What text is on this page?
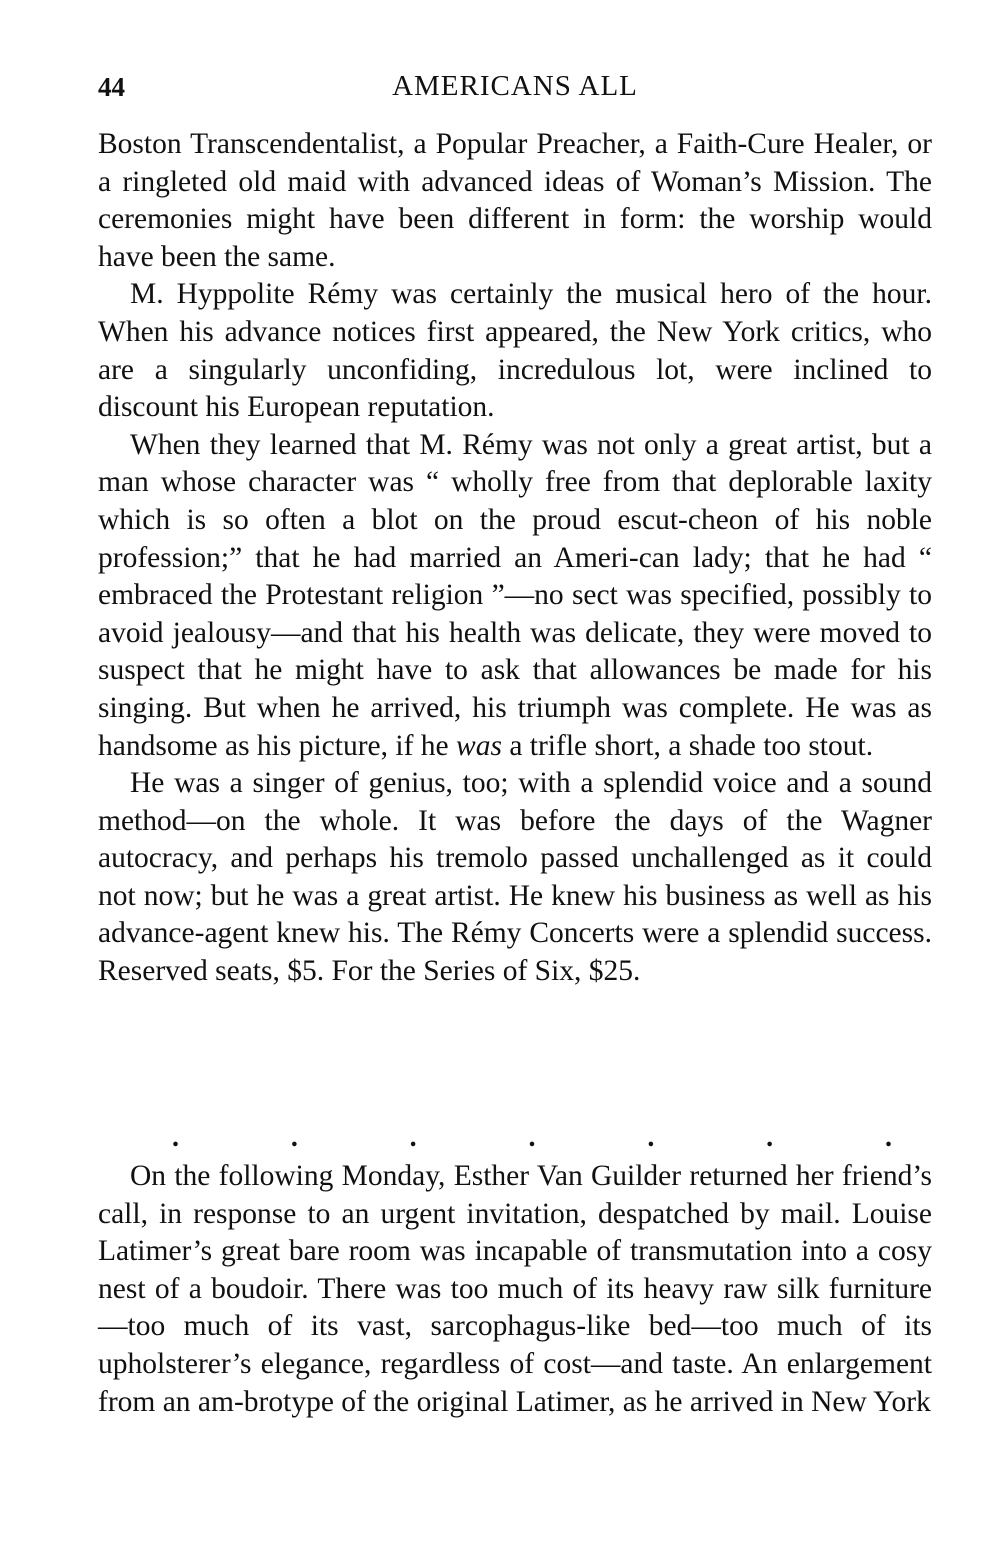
44	AMERICANS ALL

Boston Transcendentalist, a Popular Preacher, a Faith-Cure Healer, or a ringleted old maid with advanced ideas of Woman’s Mission. The ceremonies might have been different in form: the worship would have been the same.

M. Hyppolite Rémy was certainly the musical hero of the hour. When his advance notices first appeared, the New York critics, who are a singularly unconfiding, incredulous lot, were inclined to discount his European reputation.

When they learned that M. Rémy was not only a great artist, but a man whose character was “ wholly free from that deplorable laxity which is so often a blot on the proud escut-cheon of his noble profession;” that he had married an Ameri-can lady; that he had “ embraced the Protestant religion ”—no sect was specified, possibly to avoid jealousy—and that his health was delicate, they were moved to suspect that he might have to ask that allowances be made for his singing. But when he arrived, his triumph was complete. He was as handsome as his picture, if he was a trifle short, a shade too stout.

He was a singer of genius, too; with a splendid voice and a sound method—on the whole. It was before the days of the Wagner autocracy, and perhaps his tremolo passed unchallenged as it could not now; but he was a great artist. He knew his business as well as his advance-agent knew his. The Rémy Concerts were a splendid success. Reserved seats, $5. For the Series of Six, $25.

.	.	.	.	.	.	.

On the following Monday, Esther Van Guilder returned her friend’s call, in response to an urgent invitation, despatched by mail. Louise Latimer’s great bare room was incapable of transmutation into a cosy nest of a boudoir. There was too much of its heavy raw silk furniture—too much of its vast, sarcophagus-like bed—too much of its upholsterer’s elegance, regardless of cost—and taste. An enlargement from an am-brotype of the original Latimer, as he arrived in New York
